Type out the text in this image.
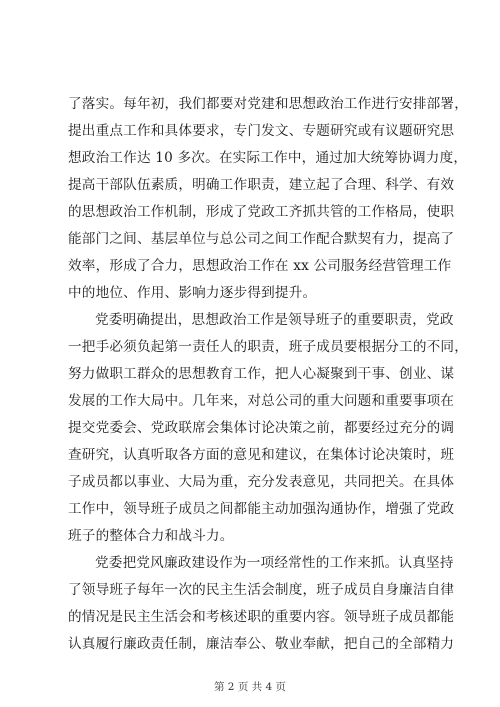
了落实。每年初，我们都要对党建和思想政治工作进行安排部署，
提出重点工作和具体要求，专门发文、专题研究或有议题研究思
想政治工作达 10 多次。在实际工作中，通过加大统筹协调力度，
提高干部队伍素质，明确工作职责，建立起了合理、科学、有效
的思想政治工作机制，形成了党政工齐抓共管的工作格局，使职
能部门之间、基层单位与总公司之间工作配合默契有力，提高了
效率，形成了合力，思想政治工作在 xx 公司服务经营管理工作
中的地位、作用、影响力逐步得到提升。
党委明确提出，思想政治工作是领导班子的重要职责，党政
一把手必须负起第一责任人的职责，班子成员要根据分工的不同，
努力做职工群众的思想教育工作，把人心凝聚到干事、创业、谋
发展的工作大局中。几年来，对总公司的重大问题和重要事项在
提交党委会、党政联席会集体讨论决策之前，都要经过充分的调
查研究，认真听取各方面的意见和建议，在集体讨论决策时，班
子成员都以事业、大局为重，充分发表意见，共同把关。在具体
工作中，领导班子成员之间都能主动加强沟通协作，增强了党政
班子的整体合力和战斗力。
党委把党风廉政建设作为一项经常性的工作来抓。认真坚持
了领导班子每年一次的民主生活会制度，班子成员自身廉洁自律
的情况是民主生活会和考核述职的重要内容。领导班子成员都能
认真履行廉政责任制，廉洁奉公、敬业奉献，把自己的全部精力
第 2 页 共 4 页
